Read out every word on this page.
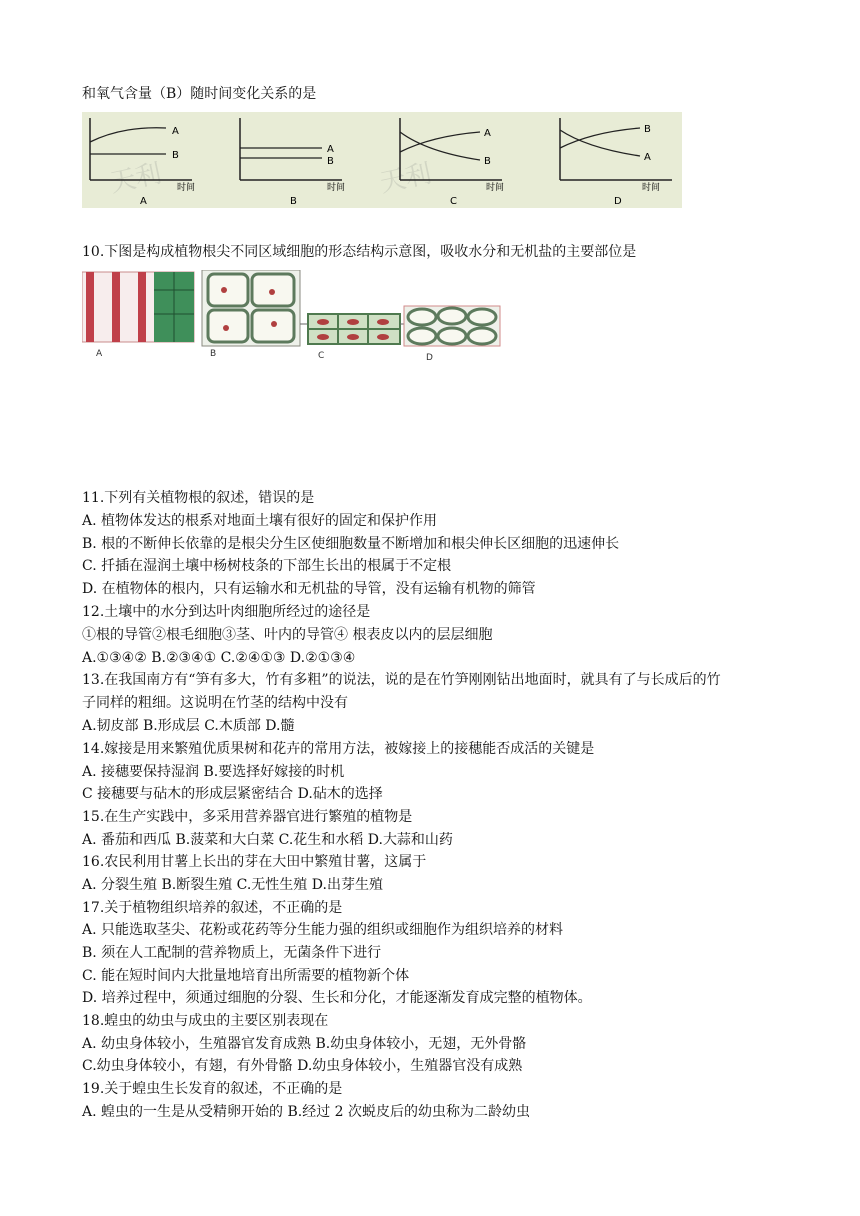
和氧气含量（B）随时间变化关系的是
天利	天利
A
B
时间
A
A
B
时间
B
A
B
时间
C
B
A
时间
D
10.下图是构成植物根尖不同区域细胞的形态结构示意图，吸收水分和无机盐的主要部位是
A	B	C	D
11.下列有关植物根的叙述，错误的是
A. 植物体发达的根系对地面土壤有很好的固定和保护作用
B. 根的不断伸长依靠的是根尖分生区使细胞数量不断增加和根尖伸长区细胞的迅速伸长
C. 扦插在湿润土壤中杨树枝条的下部生长出的根属于不定根
D. 在植物体的根内，只有运输水和无机盐的导管，没有运输有机物的筛管
12.土壤中的水分到达叶肉细胞所经过的途径是
①根的导管②根毛细胞③茎、叶内的导管④ 根表皮以内的层层细胞
A.①③④② B.②③④① C.②④①③ D.②①③④
13.在我国南方有“笋有多大，竹有多粗”的说法，说的是在竹笋刚刚钻出地面时，就具有了与长成后的竹
子同样的粗细。这说明在竹茎的结构中没有
A.韧皮部 B.形成层 C.木质部 D.髓
14.嫁接是用来繁殖优质果树和花卉的常用方法，被嫁接上的接穗能否成活的关键是
A. 接穗要保持湿润 B.要选择好嫁接的时机
C 接穗要与砧木的形成层紧密结合 D.砧木的选择
15.在生产实践中，多采用营养器官进行繁殖的植物是
A. 番茄和西瓜 B.菠菜和大白菜 C.花生和水稻 D.大蒜和山药
16.农民利用甘薯上长出的芽在大田中繁殖甘薯，这属于
A. 分裂生殖 B.断裂生殖 C.无性生殖 D.出芽生殖
17.关于植物组织培养的叙述，不正确的是
A. 只能选取茎尖、花粉或花药等分生能力强的组织或细胞作为组织培养的材料
B. 须在人工配制的营养物质上，无菌条件下进行
C. 能在短时间内大批量地培育出所需要的植物新个体
D. 培养过程中，须通过细胞的分裂、生长和分化，才能逐渐发育成完整的植物体。
18.蝗虫的幼虫与成虫的主要区别表现在
A. 幼虫身体较小，生殖器官发育成熟 B.幼虫身体较小，无翅，无外骨骼
C.幼虫身体较小，有翅，有外骨骼 D.幼虫身体较小，生殖器官没有成熟
19.关于蝗虫生长发育的叙述，不正确的是
A. 蝗虫的一生是从受精卵开始的 B.经过 2 次蜕皮后的幼虫称为二龄幼虫
